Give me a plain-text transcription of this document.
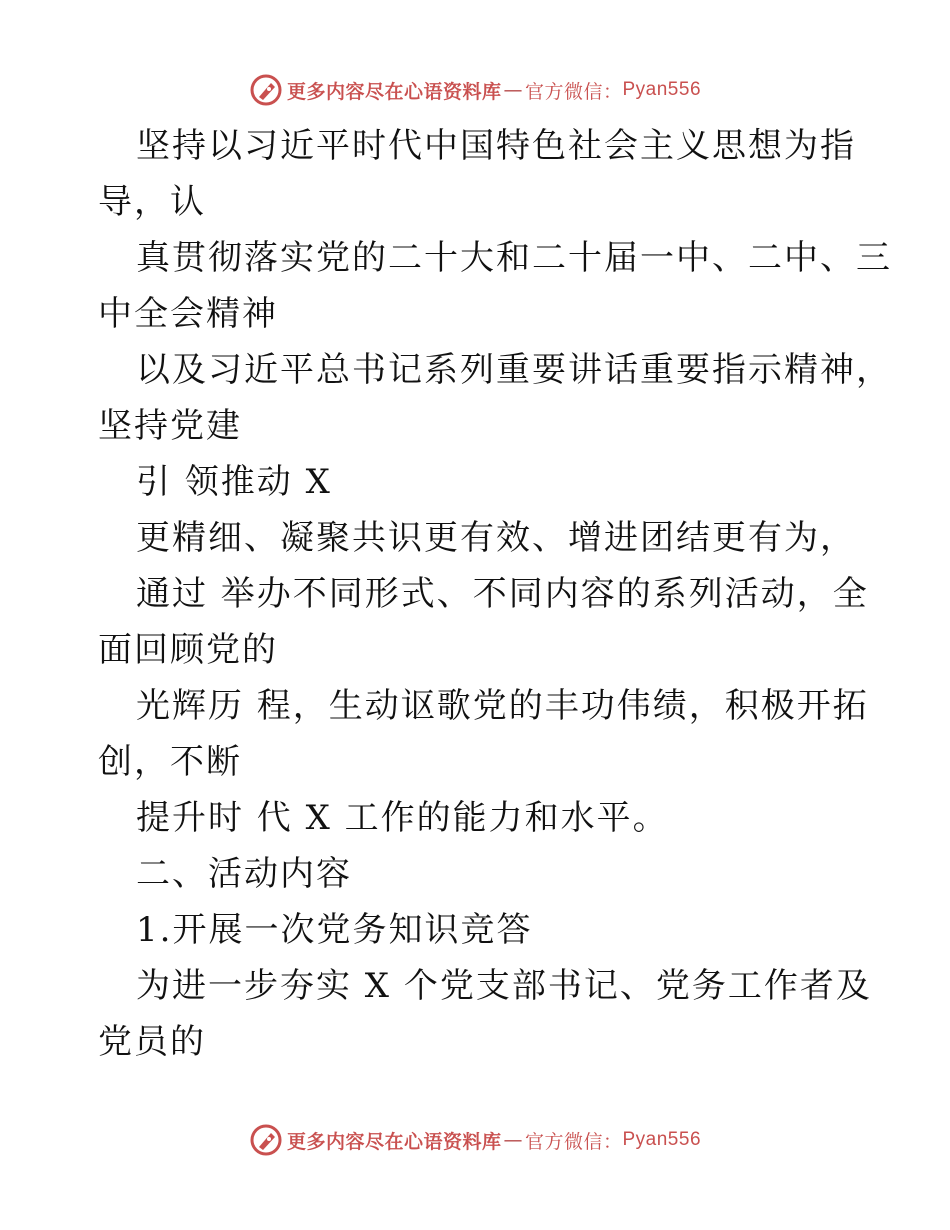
更多内容尽在心语资料库 — 官方微信： Pyan556
坚持以习近平时代中国特色社会主义思想为指
导，认
真贯彻落实党的二十大和二十届一中、二中、三
中全会精神
以及习近平总书记系列重要讲话重要指示精神，
坚持党建
引 领推动 X
更精细、凝聚共识更有效、增进团结更有为，
通过 举办不同形式、不同内容的系列活动，全
面回顾党的
光辉历 程，生动讴歌党的丰功伟绩，积极开拓
创，不断
提升时 代 X 工作的能力和水平。
二、活动内容
1.开展一次党务知识竞答
为进一步夯实 X 个党支部书记、党务工作者及
党员的
更多内容尽在心语资料库 — 官方微信： Pyan556
